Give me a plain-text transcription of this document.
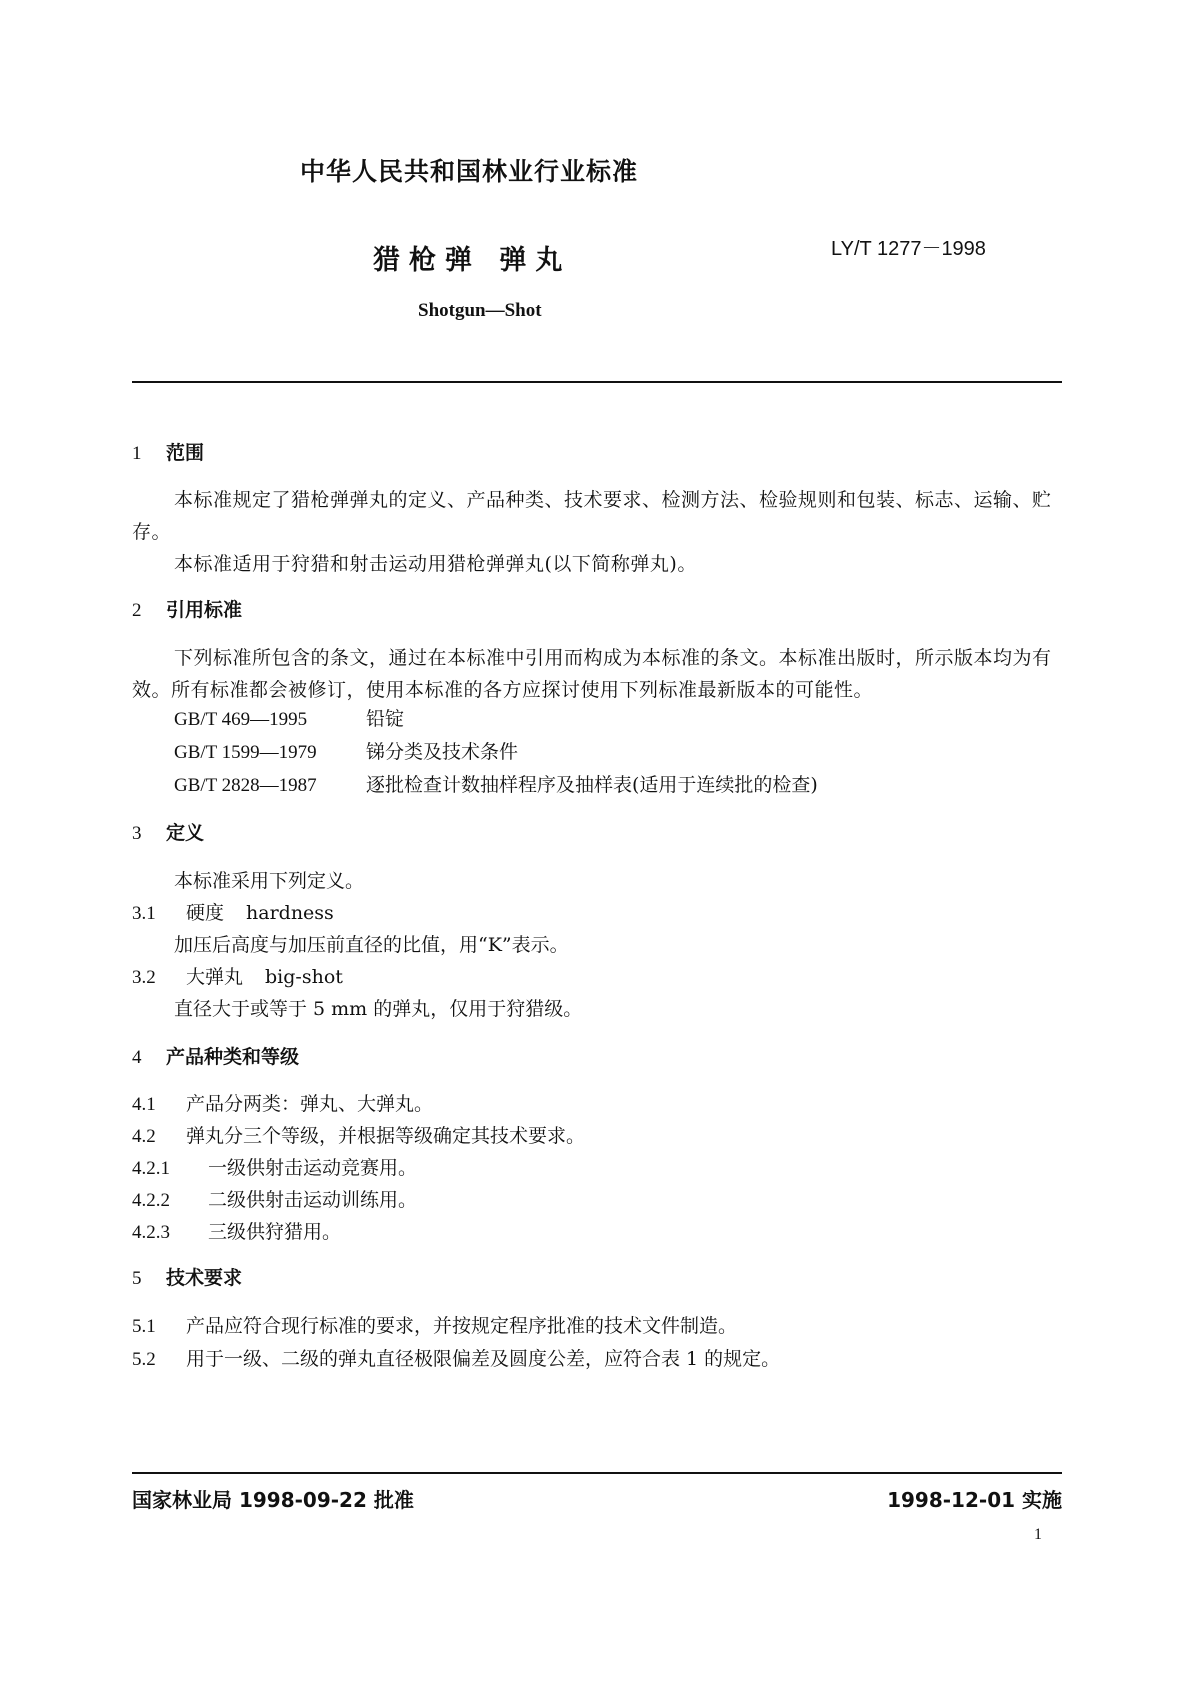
中华人民共和国林业行业标准
猎枪弹 弹丸	LY/T 1277－1998
Shotgun—Shot
1 范围
本标准规定了猎枪弹弹丸的定义、产品种类、技术要求、检测方法、检验规则和包装、标志、运输、贮存。
本标准适用于狩猎和射击运动用猎枪弹弹丸(以下简称弹丸)。
2 引用标准
下列标准所包含的条文，通过在本标准中引用而构成为本标准的条文。本标准出版时，所示版本均为有效。所有标准都会被修订，使用本标准的各方应探讨使用下列标准最新版本的可能性。
GB/T 469—1995	铅锭
GB/T 1599—1979	锑分类及技术条件
GB/T 2828—1987	逐批检查计数抽样程序及抽样表(适用于连续批的检查)
3 定义
本标准采用下列定义。
3.1 硬度 hardness
加压后高度与加压前直径的比值，用“K”表示。
3.2 大弹丸 big-shot
直径大于或等于 5 mm 的弹丸，仅用于狩猎级。
4 产品种类和等级
4.1 产品分两类：弹丸、大弹丸。
4.2 弹丸分三个等级，并根据等级确定其技术要求。
4.2.1 一级供射击运动竞赛用。
4.2.2 二级供射击运动训练用。
4.2.3 三级供狩猎用。
5 技术要求
5.1 产品应符合现行标准的要求，并按规定程序批准的技术文件制造。
5.2 用于一级、二级的弹丸直径极限偏差及圆度公差，应符合表 1 的规定。
国家林业局 1998-09-22 批准	1998-12-01 实施
1
